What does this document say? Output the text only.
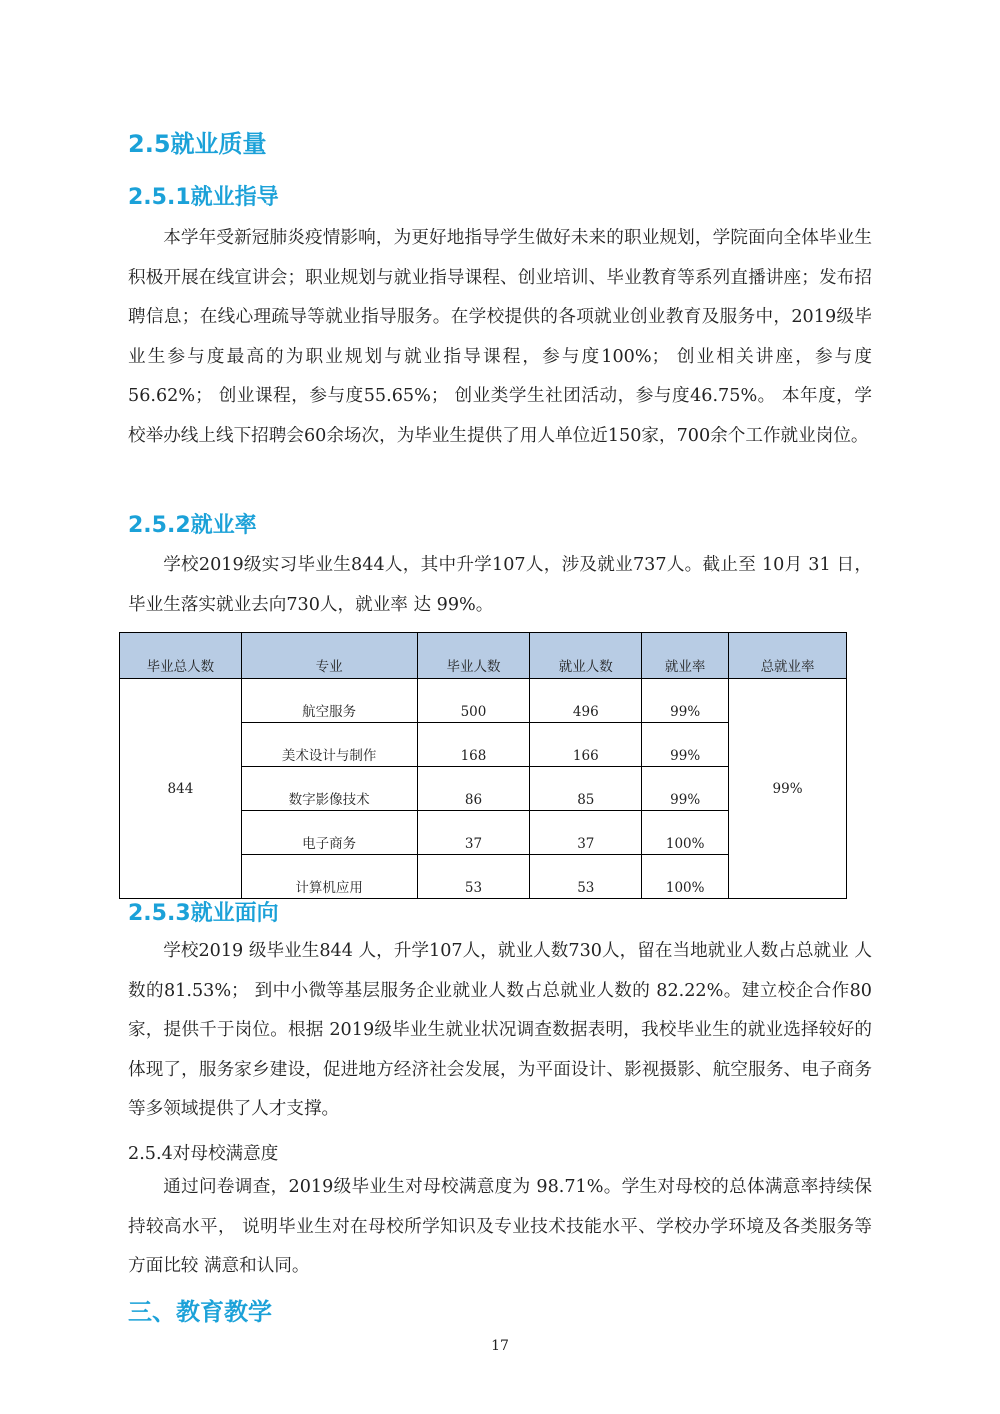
2.5就业质量
2.5.1就业指导

本学年受新冠肺炎疫情影响，为更好地指导学生做好未来的职业规划，学院面向全体毕业生积极开展在线宣讲会；职业规划与就业指导课程、创业培训、毕业教育等系列直播讲座；发布招聘信息；在线心理疏导等就业指导服务。在学校提供的各项就业创业教育及服务中，2019级毕业生参与度最高的为职业规划与就业指导课程，参与度100%； 创业相关讲座，参与度56.62%； 创业课程，参与度55.65%； 创业类学生社团活动，参与度46.75%。 本年度，学校举办线上线下招聘会60余场次，为毕业生提供了用人单位近150家，700余个工作就业岗位。

2.5.2就业率

学校2019级实习毕业生844人，其中升学107人，涉及就业737人。截止至 10月 31 日，毕业生落实就业去向730人，就业率 达 99%。

毕业总人数	专业	毕业人数	就业人数	就业率	总就业率
844	航空服务	500	496	99%	99%
	美术设计与制作	168	166	99%	
	数字影像技术	86	85	99%	
	电子商务	37	37	100%	
	计算机应用	53	53	100%	
2.5.3就业面向

学校2019 级毕业生844 人，升学107人，就业人数730人，留在当地就业人数占总就业 人数的81.53%； 到中小微等基层服务企业就业人数占总就业人数的 82.22%。建立校企合作80家，提供千于岗位。根据 2019级毕业生就业状况调查数据表明，我校毕业生的就业选择较好的体现了，服务家乡建设，促进地方经济社会发展，为平面设计、影视摄影、航空服务、电子商务等多领域提供了人才支撑。

2.5.4对母校满意度

通过问卷调查，2019级毕业生对母校满意度为 98.71%。学生对母校的总体满意率持续保持较高水平， 说明毕业生对在母校所学知识及专业技术技能水平、学校办学环境及各类服务等方面比较 满意和认同。

三、教育教学

17
